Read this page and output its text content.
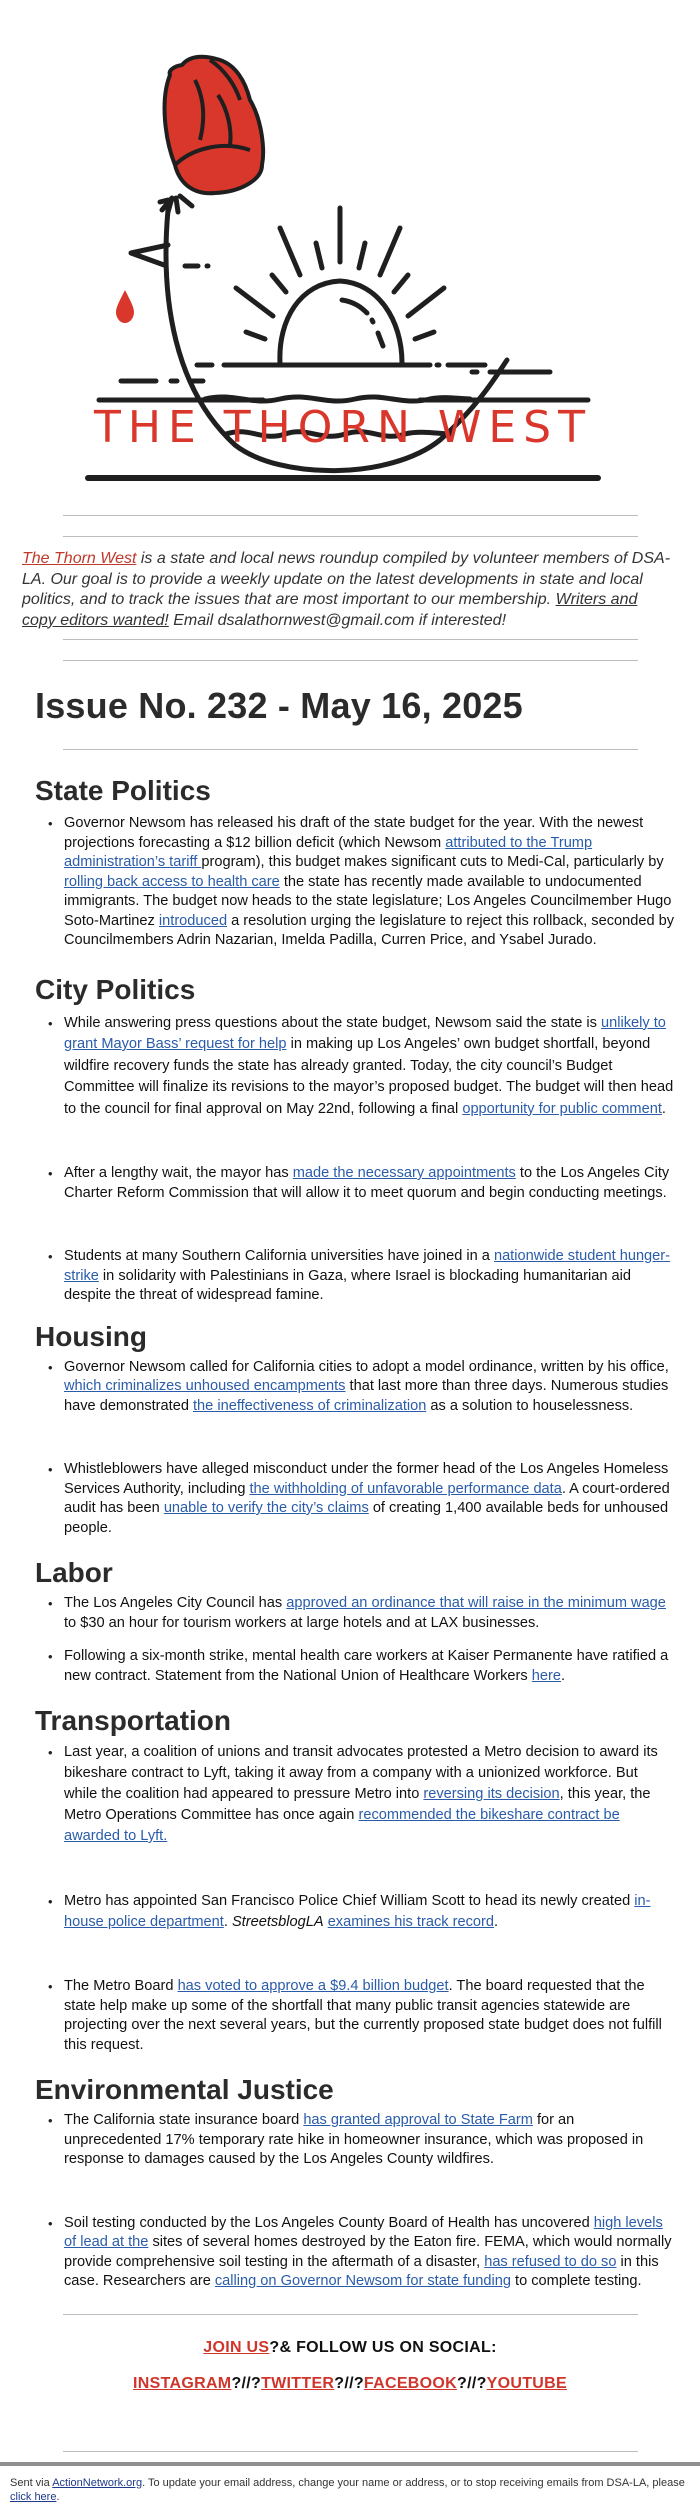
THE THORN WEST

The Thorn West is a state and local news roundup compiled by volunteer members of DSA-LA. Our goal is to provide a weekly update on the latest developments in state and local politics, and to track the issues that are most important to our membership. Writers and copy editors wanted! Email dsalathornwest@gmail.com if interested!

Issue No. 232 - May 16, 2025
State Politics
• Governor Newsom has released his draft of the state budget for the year. With the newest projections forecasting a $12 billion deficit (which Newsom attributed to the Trump administration’s tariff program), this budget makes significant cuts to Medi-Cal, particularly by rolling back access to health care the state has recently made available to undocumented immigrants. The budget now heads to the state legislature; Los Angeles Councilmember Hugo Soto-Martinez introduced a resolution urging the legislature to reject this rollback, seconded by Councilmembers Adrin Nazarian, Imelda Padilla, Curren Price, and Ysabel Jurado.
City Politics
• While answering press questions about the state budget, Newsom said the state is unlikely to grant Mayor Bass’ request for help in making up Los Angeles’ own budget shortfall, beyond wildfire recovery funds the state has already granted. Today, the city council’s Budget Committee will finalize its revisions to the mayor’s proposed budget. The budget will then head to the council for final approval on May 22nd, following a final opportunity for public comment.
• After a lengthy wait, the mayor has made the necessary appointments to the Los Angeles City Charter Reform Commission that will allow it to meet quorum and begin conducting meetings.
• Students at many Southern California universities have joined in a nationwide student hunger-strike in solidarity with Palestinians in Gaza, where Israel is blockading humanitarian aid despite the threat of widespread famine.
Housing
• Governor Newsom called for California cities to adopt a model ordinance, written by his office, which criminalizes unhoused encampments that last more than three days. Numerous studies have demonstrated the ineffectiveness of criminalization as a solution to houselessness.
• Whistleblowers have alleged misconduct under the former head of the Los Angeles Homeless Services Authority, including the withholding of unfavorable performance data. A court-ordered audit has been unable to verify the city’s claims of creating 1,400 available beds for unhoused people.
Labor
• The Los Angeles City Council has approved an ordinance that will raise in the minimum wage to $30 an hour for tourism workers at large hotels and at LAX businesses.
• Following a six-month strike, mental health care workers at Kaiser Permanente have ratified a new contract. Statement from the National Union of Healthcare Workers here.
Transportation
• Last year, a coalition of unions and transit advocates protested a Metro decision to award its bikeshare contract to Lyft, taking it away from a company with a unionized workforce. But while the coalition had appeared to pressure Metro into reversing its decision, this year, the Metro Operations Committee has once again recommended the bikeshare contract be awarded to Lyft.
• Metro has appointed San Francisco Police Chief William Scott to head its newly created in-house police department. StreetsblogLA examines his track record.
• The Metro Board has voted to approve a $9.4 billion budget. The board requested that the state help make up some of the shortfall that many public transit agencies statewide are projecting over the next several years, but the currently proposed state budget does not fulfill this request.
Environmental Justice
• The California state insurance board has granted approval to State Farm for an unprecedented 17% temporary rate hike in homeowner insurance, which was proposed in response to damages caused by the Los Angeles County wildfires.
• Soil testing conducted by the Los Angeles County Board of Health has uncovered high levels of lead at the sites of several homes destroyed by the Eaton fire. FEMA, which would normally provide comprehensive soil testing in the aftermath of a disaster, has refused to do so in this case. Researchers are calling on Governor Newsom for state funding to complete testing.
JOIN US?& FOLLOW US ON SOCIAL:
INSTAGRAM?//?TWITTER?//?FACEBOOK?//?YOUTUBE
Sent via ActionNetwork.org. To update your email address, change your name or address, or to stop receiving emails from DSA-LA, please click here.
